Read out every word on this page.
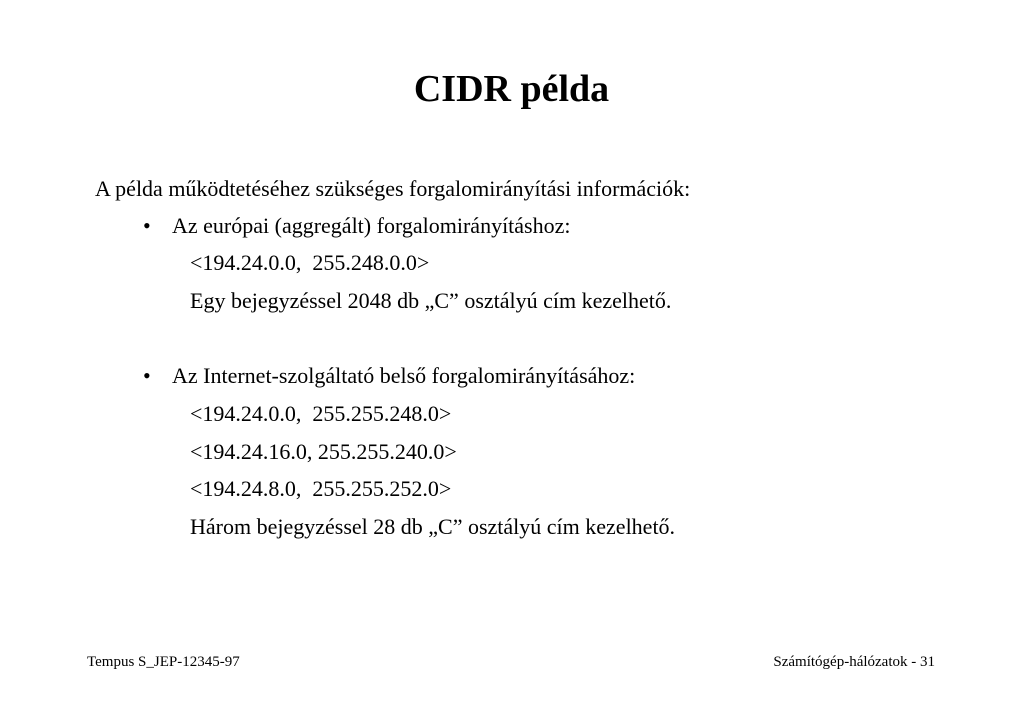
CIDR példa
A példa működtetéséhez szükséges forgalomirányítási információk:
• Az európai (aggregált) forgalomirányításhoz:
<194.24.0.0,  255.248.0.0>
Egy bejegyzéssel 2048 db „C” osztályú cím kezelhető.
• Az Internet-szolgáltató belső forgalomirányításához:
<194.24.0.0,  255.255.248.0>
<194.24.16.0, 255.255.240.0>
<194.24.8.0,  255.255.252.0>
Három bejegyzéssel 28 db „C” osztályú cím kezelhető.
Tempus S_JEP-12345-97	Számítógép-hálózatok - 31
